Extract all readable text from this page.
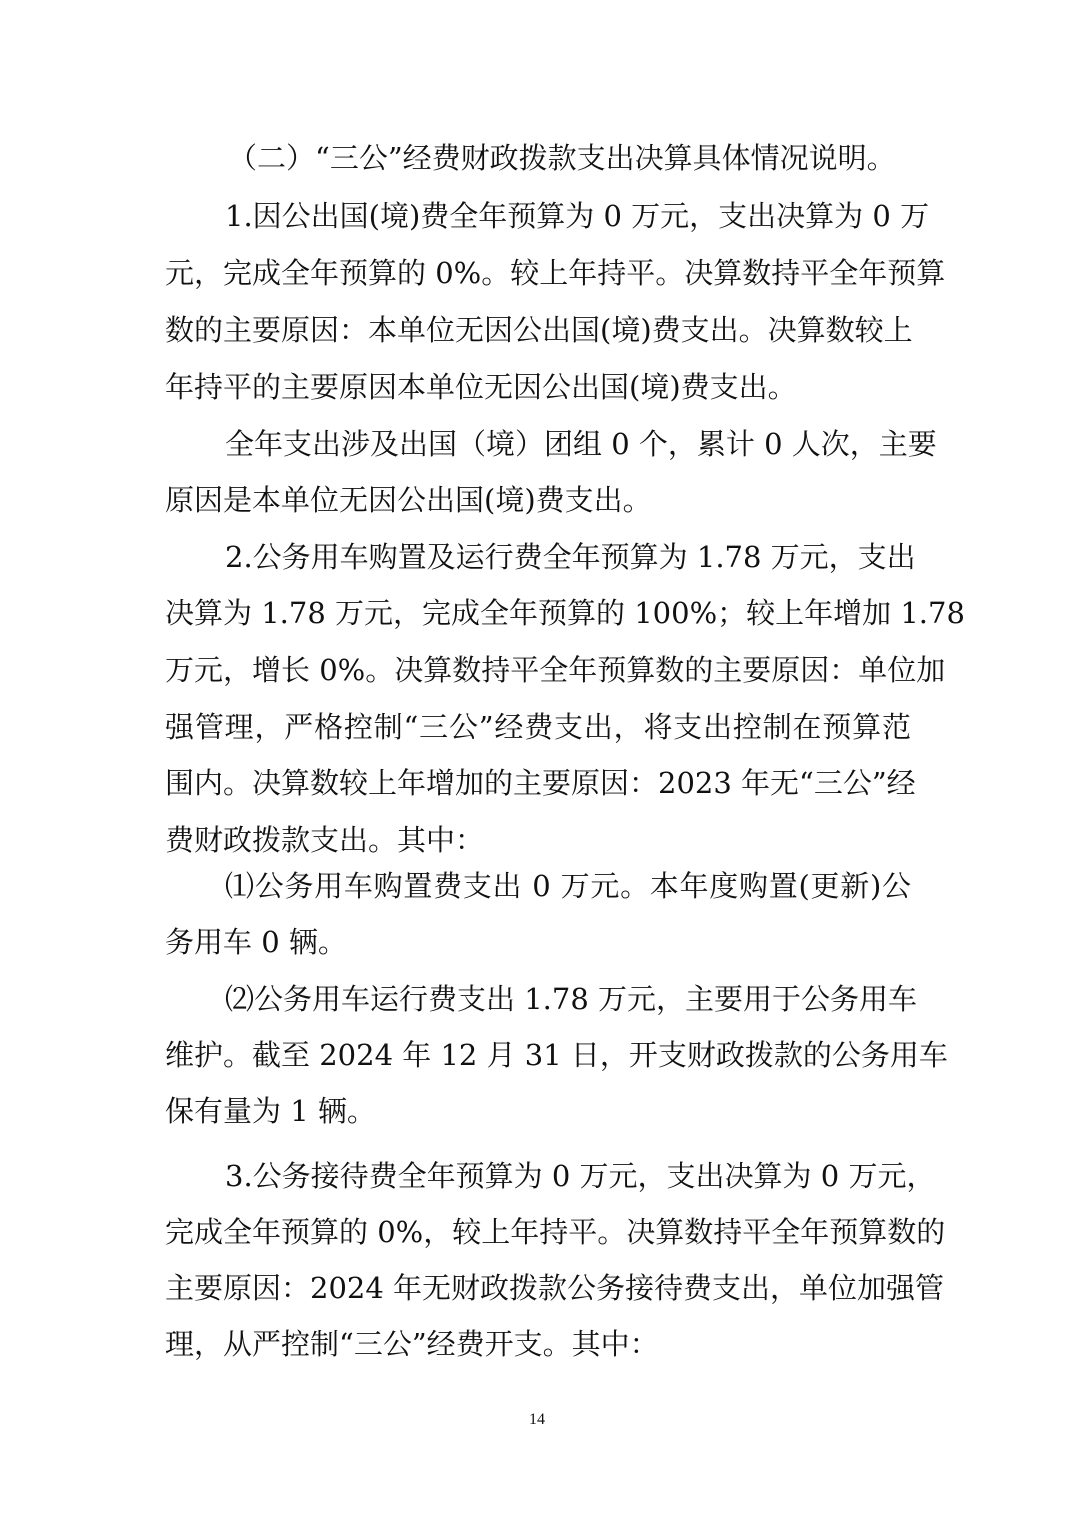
（二）“三公”经费财政拨款支出决算具体情况说明。
1.因公出国(境)费全年预算为 0 万元，支出决算为 0 万
元，完成全年预算的 0%。较上年持平。决算数持平全年预算
数的主要原因：本单位无因公出国(境)费支出。决算数较上
年持平的主要原因本单位无因公出国(境)费支出。
全年支出涉及出国（境）团组 0 个，累计 0 人次，主要
原因是本单位无因公出国(境)费支出。
2.公务用车购置及运行费全年预算为 1.78 万元，支出
决算为 1.78 万元，完成全年预算的 100%；较上年增加 1.78
万元，增长 0%。决算数持平全年预算数的主要原因：单位加
强管理，严格控制“三公”经费支出，将支出控制在预算范
围内。决算数较上年增加的主要原因：2023 年无“三公”经
费财政拨款支出。其中：
⑴公务用车购置费支出 0 万元。本年度购置(更新)公
务用车 0 辆。
⑵公务用车运行费支出 1.78 万元，主要用于公务用车
维护。截至 2024 年 12 月 31 日，开支财政拨款的公务用车
保有量为 1 辆。
3.公务接待费全年预算为 0 万元，支出决算为 0 万元，
完成全年预算的 0%，较上年持平。决算数持平全年预算数的
主要原因：2024 年无财政拨款公务接待费支出，单位加强管
理，从严控制“三公”经费开支。其中：
14
